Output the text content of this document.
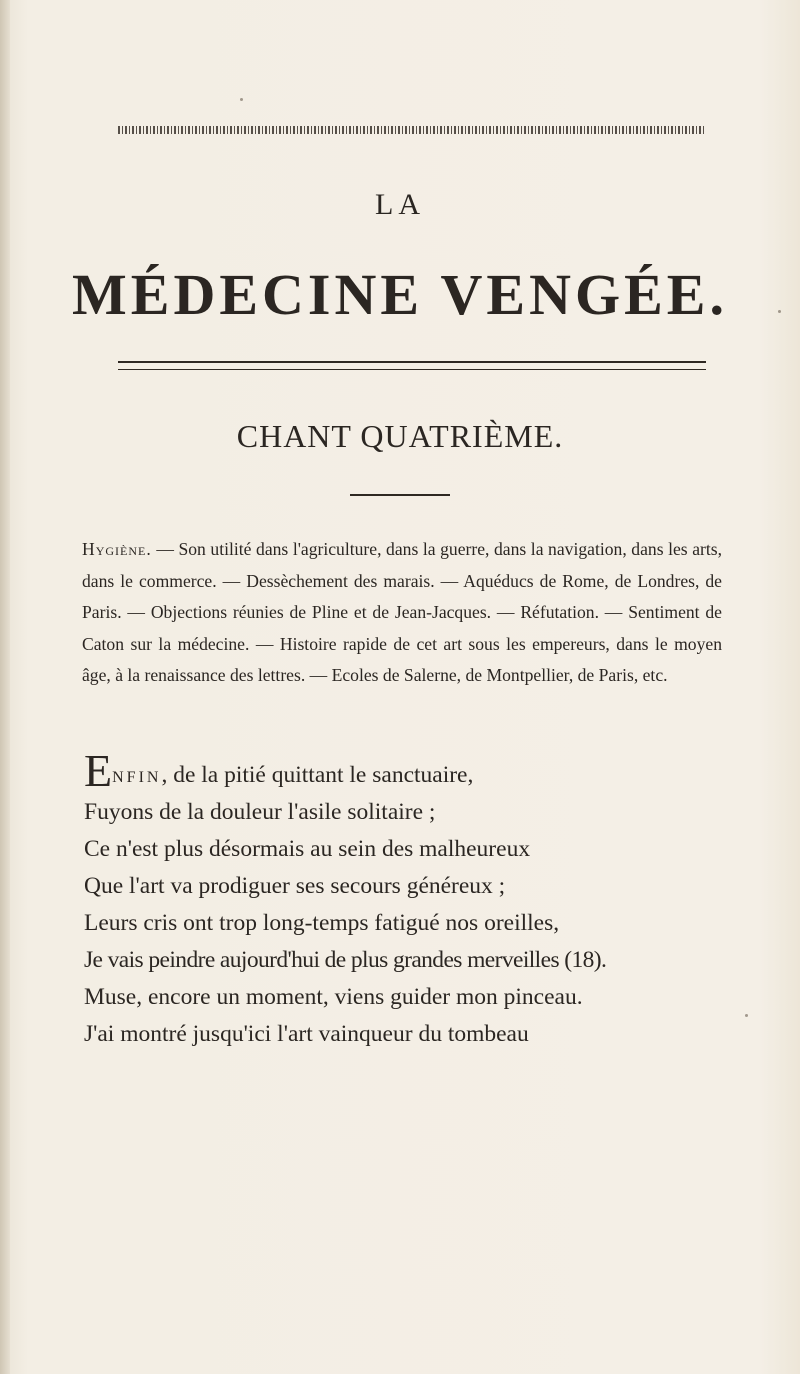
LA
MÉDECINE VENGÉE.
CHANT QUATRIÈME.
Hygiène. — Son utilité dans l'agriculture, dans la guerre, dans la navigation, dans les arts, dans le commerce. — Dessèchement des marais. — Aquéducs de Rome, de Londres, de Paris. — Objections réunies de Pline et de Jean-Jacques. — Réfutation. — Sentiment de Caton sur la médecine. — Histoire rapide de cet art sous les empereurs, dans le moyen âge, à la renaissance des lettres. — Ecoles de Salerne, de Montpellier, de Paris, etc.
Enfin, de la pitié quittant le sanctuaire,
Fuyons de la douleur l'asile solitaire ;
Ce n'est plus désormais au sein des malheureux
Que l'art va prodiguer ses secours généreux ;
Leurs cris ont trop long-temps fatigué nos oreilles,
Je vais peindre aujourd'hui de plus grandes merveilles (18).
Muse, encore un moment, viens guider mon pinceau.
J'ai montré jusqu'ici l'art vainqueur du tombeau
